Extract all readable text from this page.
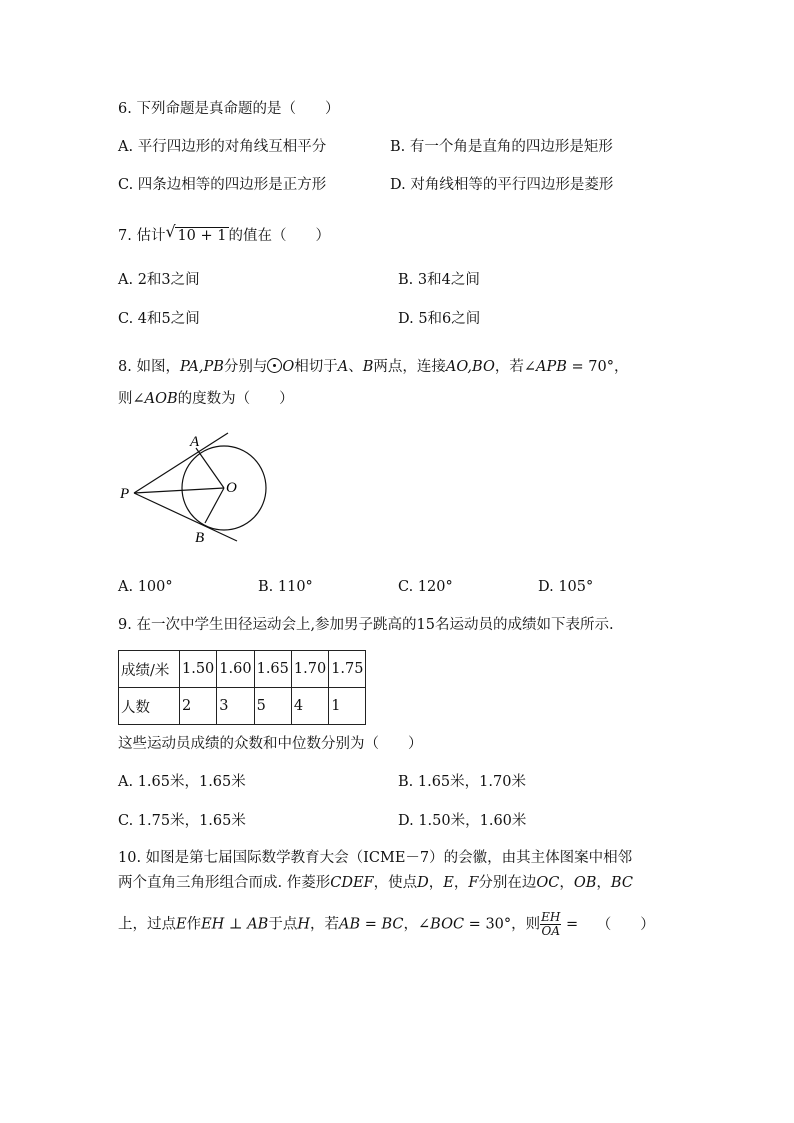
6. 下列命题是真命题的是（　　）
A. 平行四边形的对角线互相平分	B. 有一个角是直角的四边形是矩形
C. 四条边相等的四边形是正方形	D. 对角线相等的平行四边形是菱形
7. 估计 √ 10 + 1 的值在（　　）
A. 2和3之间	B. 3和4之间
C. 4和5之间	D. 5和6之间
8. 如图，PA,PB分别与 O相切于A、B两点，连接AO,BO，若∠APB = 70°，
则∠AOB的度数为（　　）
A
B
P	O
A. 100°	B. 110°	C. 120°	D. 105°
9. 在一次中学生田径运动会上,参加男子跳高的15名运动员的成绩如下表所示.
成绩/米	1.50	1.60	1.65	1.70	1.75
人数	2	3	5	4	1
这些运动员成绩的众数和中位数分别为（　　）
A. 1.65米，1.65米	B. 1.65米，1.70米
C. 1.75米，1.65米	D. 1.50米，1.60米
10. 如图是第七届国际数学教育大会（ICME－7）的会徽，由其主体图案中相邻
两个直角三角形组合而成. 作菱形CDEF，使点D，E，F分别在边OC，OB，BC
上，过点E作EH ⊥ AB于点H，若AB = BC，∠BOC = 30°，则 $\frac{EH}{OA}$ = （　　）
